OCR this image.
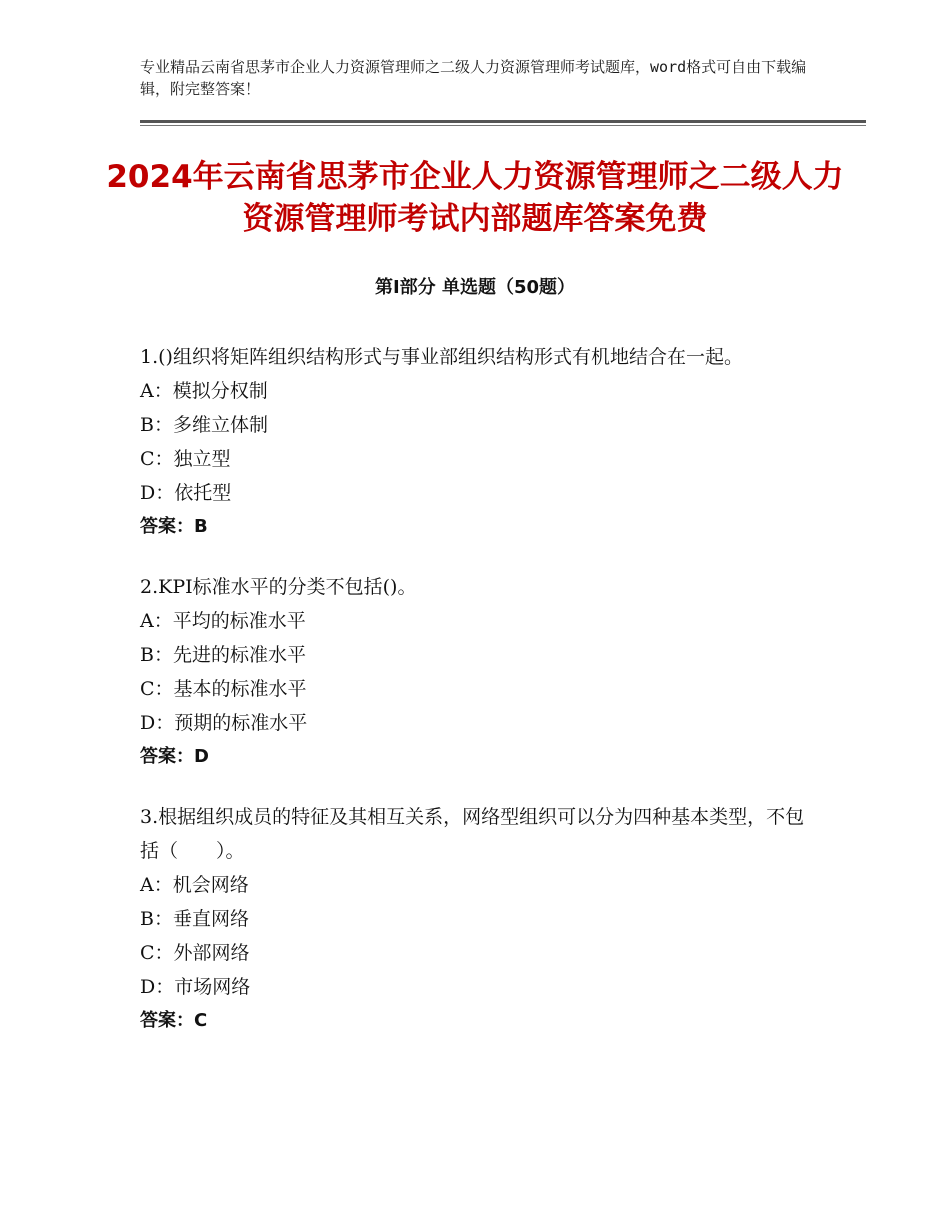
专业精品云南省思茅市企业人力资源管理师之二级人力资源管理师考试题库，word格式可自由下载编辑，附完整答案！
2024年云南省思茅市企业人力资源管理师之二级人力资源管理师考试内部题库答案免费
第Ⅰ部分 单选题（50题）

1.()组织将矩阵组织结构形式与事业部组织结构形式有机地结合在一起。

A：模拟分权制

B：多维立体制

C：独立型

D：依托型

答案：B

2.KPI标准水平的分类不包括()。

A：平均的标准水平

B：先进的标准水平

C：基本的标准水平

D：预期的标准水平

答案：D

3.根据组织成员的特征及其相互关系，网络型组织可以分为四种基本类型，不包括（　　）。

A：机会网络

B：垂直网络

C：外部网络

D：市场网络

答案：C
